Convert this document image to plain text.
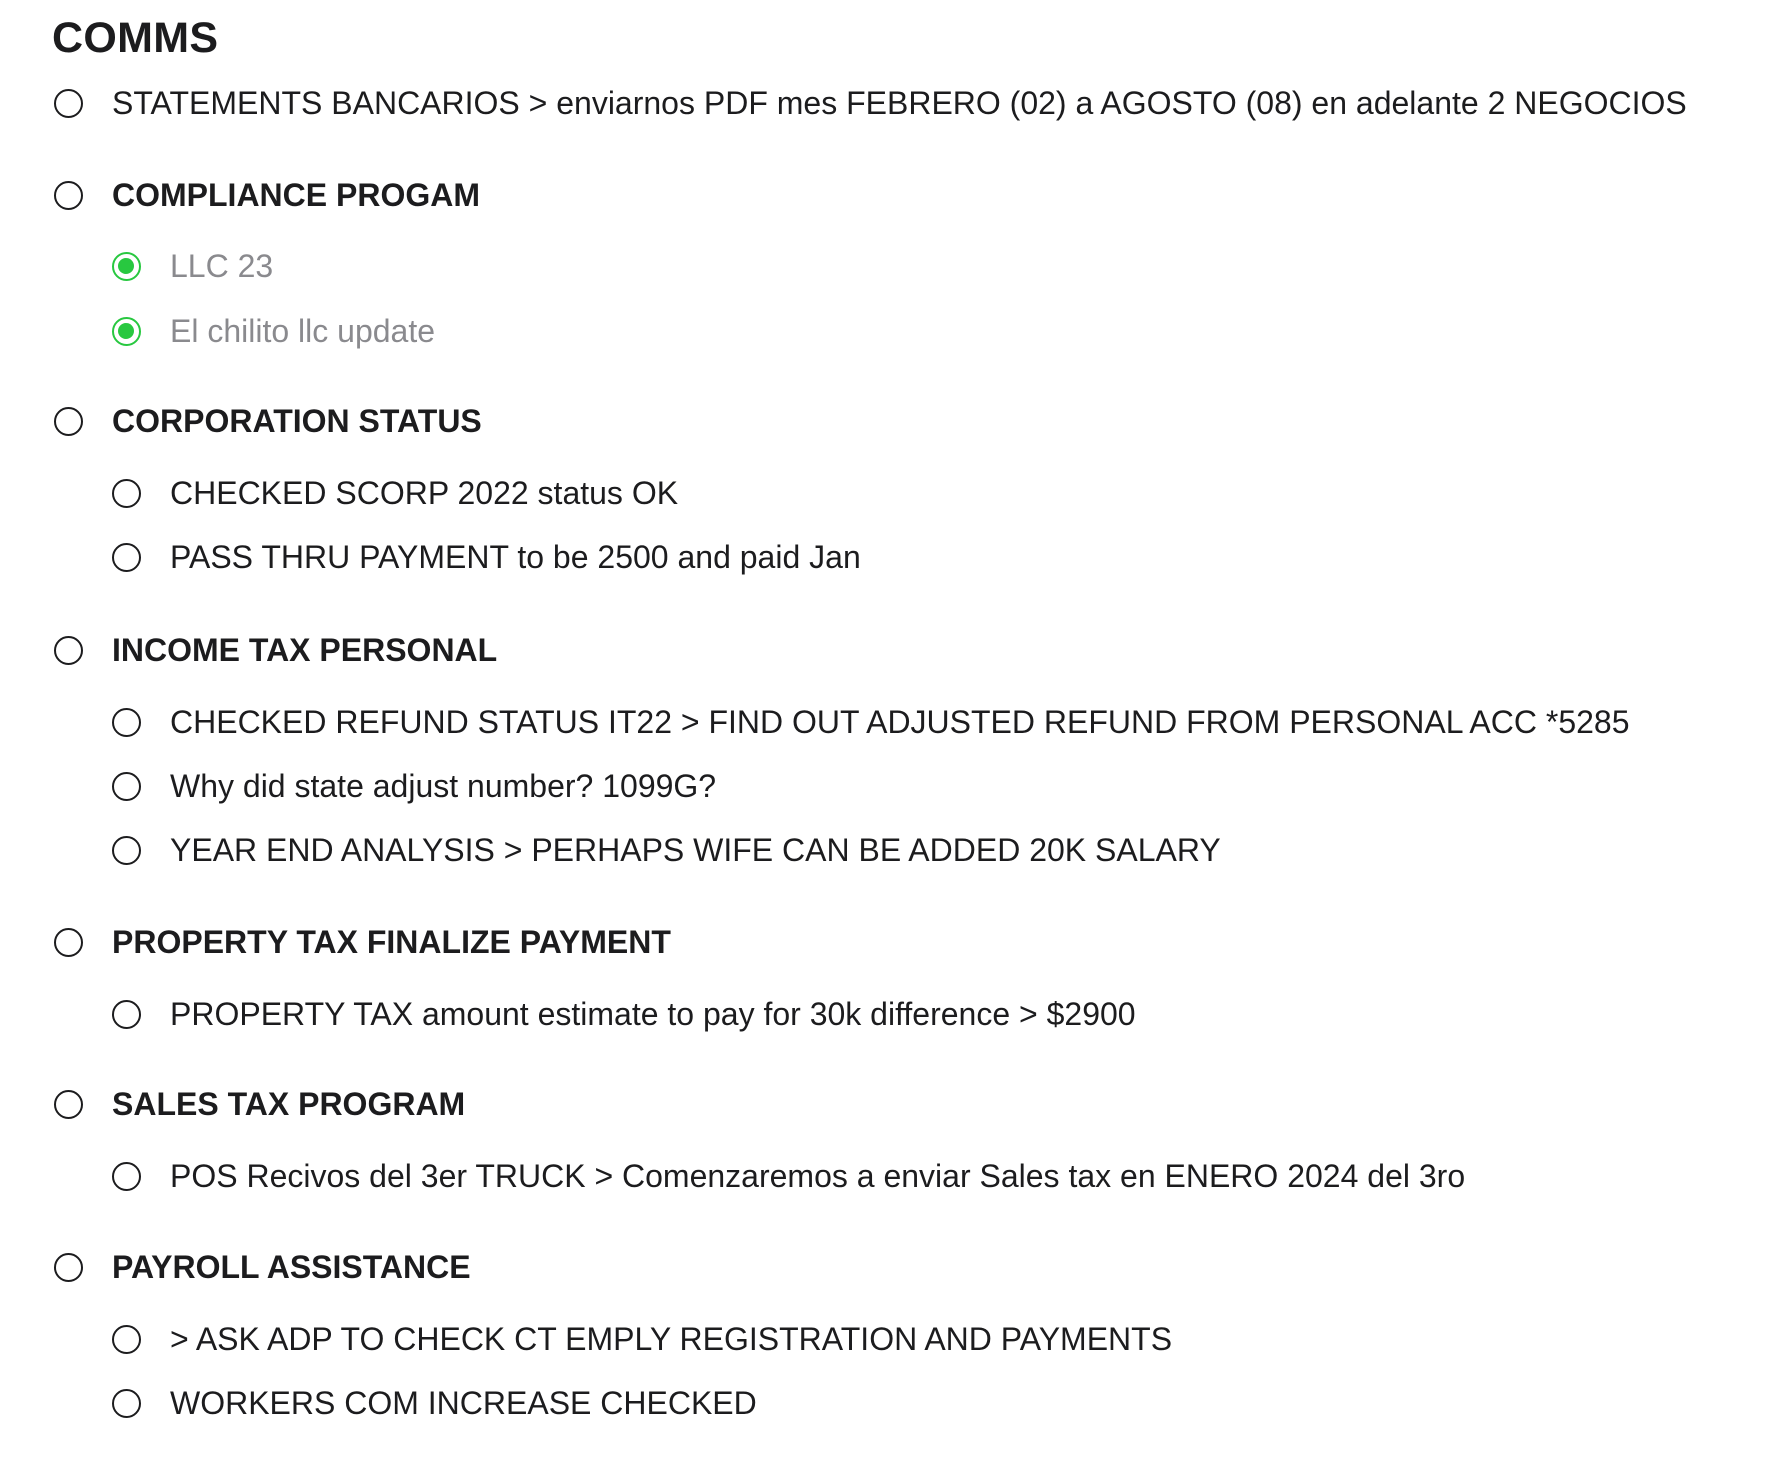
COMMS
STATEMENTS BANCARIOS > enviarnos PDF mes FEBRERO (02) a AGOSTO (08) en adelante 2 NEGOCIOS
COMPLIANCE PROGAM
LLC 23
El chilito llc update
CORPORATION STATUS
CHECKED SCORP 2022 status OK
PASS THRU PAYMENT to be 2500 and paid Jan
INCOME TAX PERSONAL
CHECKED REFUND STATUS IT22 > FIND OUT ADJUSTED REFUND FROM PERSONAL ACC *5285
Why did state adjust number? 1099G?
YEAR END ANALYSIS > PERHAPS WIFE CAN BE ADDED 20K SALARY
PROPERTY TAX FINALIZE PAYMENT
PROPERTY TAX amount estimate to pay for 30k difference > $2900
SALES TAX PROGRAM
POS Recivos del 3er TRUCK > Comenzaremos a enviar Sales tax en ENERO 2024 del 3ro
PAYROLL ASSISTANCE
> ASK ADP TO CHECK CT EMPLY REGISTRATION AND PAYMENTS
WORKERS COM INCREASE CHECKED
